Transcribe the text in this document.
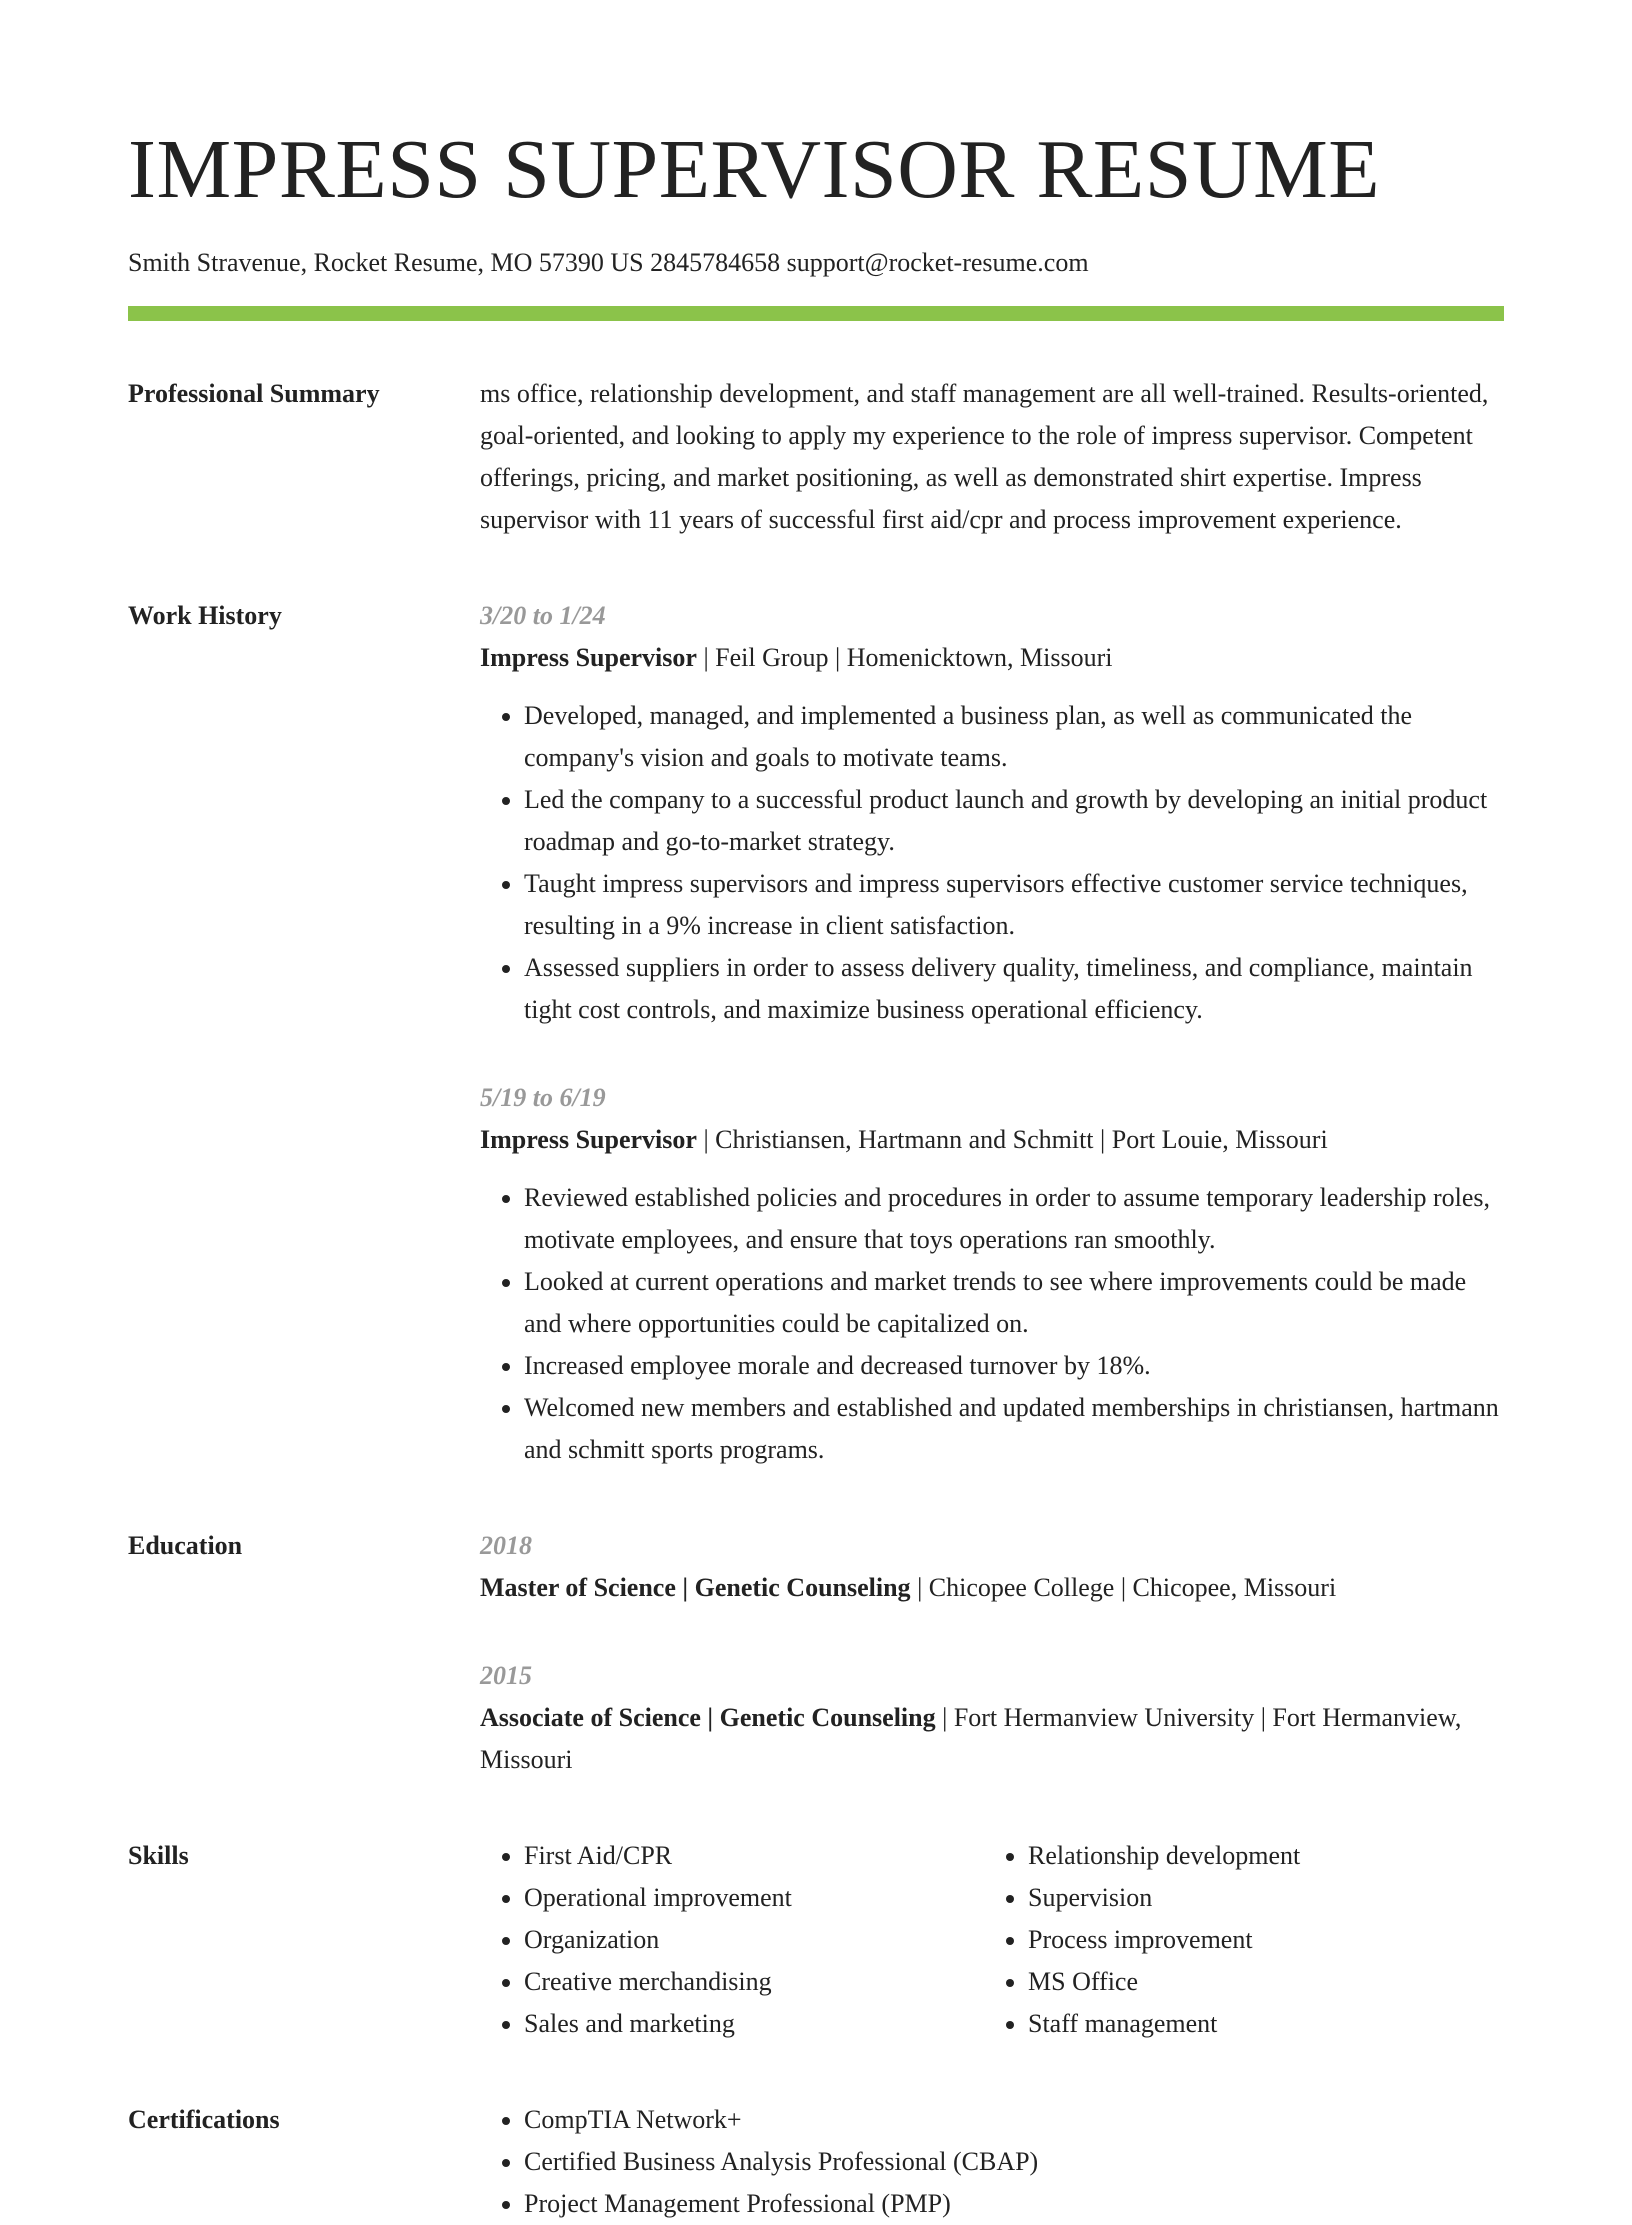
IMPRESS SUPERVISOR RESUME
Smith Stravenue, Rocket Resume, MO 57390 US 2845784658 support@rocket-resume.com
Professional Summary	ms office, relationship development, and staff management are all well-trained. Results-oriented, goal-oriented, and looking to apply my experience to the role of impress supervisor. Competent offerings, pricing, and market positioning, as well as demonstrated shirt expertise. Impress supervisor with 11 years of successful first aid/cpr and process improvement experience.

Work History	3/20 to 1/24
Impress Supervisor | Feil Group | Homenicktown, Missouri
• Developed, managed, and implemented a business plan, as well as communicated the company's vision and goals to motivate teams.
• Led the company to a successful product launch and growth by developing an initial product roadmap and go-to-market strategy.
• Taught impress supervisors and impress supervisors effective customer service techniques, resulting in a 9% increase in client satisfaction.
• Assessed suppliers in order to assess delivery quality, timeliness, and compliance, maintain tight cost controls, and maximize business operational efficiency.
5/19 to 6/19
Impress Supervisor | Christiansen, Hartmann and Schmitt | Port Louie, Missouri
• Reviewed established policies and procedures in order to assume temporary leadership roles, motivate employees, and ensure that toys operations ran smoothly.
• Looked at current operations and market trends to see where improvements could be made and where opportunities could be capitalized on.
• Increased employee morale and decreased turnover by 18%.
• Welcomed new members and established and updated memberships in christiansen, hartmann and schmitt sports programs.
Education	2018
Master of Science | Genetic Counseling | Chicopee College | Chicopee, Missouri
2015
Associate of Science | Genetic Counseling | Fort Hermanview University | Fort Hermanview, Missouri
Skills	• First Aid/CPR
• Operational improvement
• Organization
• Creative merchandising
• Sales and marketing
• Relationship development
• Supervision
• Process improvement
• MS Office
• Staff management
Certifications	• CompTIA Network+
• Certified Business Analysis Professional (CBAP)
• Project Management Professional (PMP)
